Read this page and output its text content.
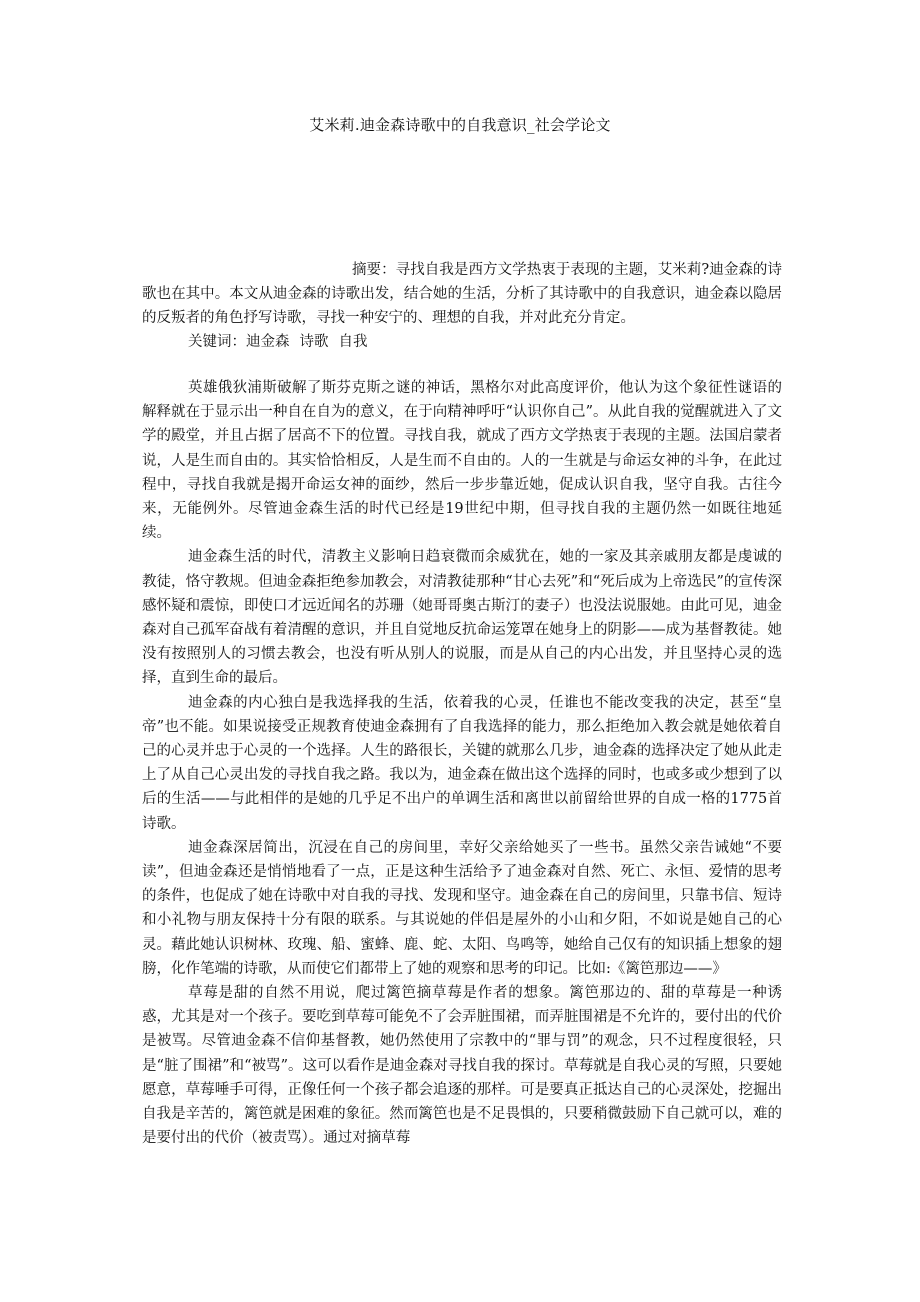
艾米莉.迪金森诗歌中的自我意识_社会学论文
摘要：寻找自我是西方文学热衷于表现的主题，艾米莉?迪金森的诗歌也在其中。本文从迪金森的诗歌出发，结合她的生活，分析了其诗歌中的自我意识，迪金森以隐居的反叛者的角色抒写诗歌，寻找一种安宁的、理想的自我，并对此充分肯定。
关键词：迪金森 诗歌 自我

英雄俄狄浦斯破解了斯芬克斯之谜的神话，黑格尔对此高度评价，他认为这个象征性谜语的解释就在于显示出一种自在自为的意义，在于向精神呼吁“认识你自己”。从此自我的觉醒就进入了文学的殿堂，并且占据了居高不下的位置。寻找自我，就成了西方文学热衷于表现的主题。法国启蒙者说，人是生而自由的。其实恰恰相反，人是生而不自由的。人的一生就是与命运女神的斗争，在此过程中，寻找自我就是揭开命运女神的面纱，然后一步步靠近她，促成认识自我，坚守自我。古往今来，无能例外。尽管迪金森生活的时代已经是19世纪中期，但寻找自我的主题仍然一如既往地延续。

迪金森生活的时代，清教主义影响日趋衰微而余威犹在，她的一家及其亲戚朋友都是虔诚的教徒，恪守教规。但迪金森拒绝参加教会，对清教徒那种“甘心去死”和“死后成为上帝选民”的宣传深感怀疑和震惊，即使口才远近闻名的苏珊（她哥哥奥古斯汀的妻子）也没法说服她。由此可见，迪金森对自己孤军奋战有着清醒的意识，并且自觉地反抗命运笼罩在她身上的阴影——成为基督教徒。她没有按照别人的习惯去教会，也没有听从别人的说服，而是从自己的内心出发，并且坚持心灵的选择，直到生命的最后。

迪金森的内心独白是我选择我的生活，依着我的心灵，任谁也不能改变我的决定，甚至“皇帝”也不能。如果说接受正规教育使迪金森拥有了自我选择的能力，那么拒绝加入教会就是她依着自己的心灵并忠于心灵的一个选择。人生的路很长，关键的就那么几步，迪金森的选择决定了她从此走上了从自己心灵出发的寻找自我之路。我以为，迪金森在做出这个选择的同时，也或多或少想到了以后的生活——与此相伴的是她的几乎足不出户的单调生活和离世以前留给世界的自成一格的1775首诗歌。

迪金森深居简出，沉浸在自己的房间里，幸好父亲给她买了一些书。虽然父亲告诫她“不要读”，但迪金森还是悄悄地看了一点，正是这种生活给予了迪金森对自然、死亡、永恒、爱情的思考的条件，也促成了她在诗歌中对自我的寻找、发现和坚守。迪金森在自己的房间里，只靠书信、短诗和小礼物与朋友保持十分有限的联系。与其说她的伴侣是屋外的小山和夕阳，不如说是她自己的心灵。藉此她认识树林、玫瑰、船、蜜蜂、鹿、蛇、太阳、鸟鸣等，她给自己仅有的知识插上想象的翅膀，化作笔端的诗歌，从而使它们都带上了她的观察和思考的印记。比如:《篱笆那边——》

草莓是甜的自然不用说，爬过篱笆摘草莓是作者的想象。篱笆那边的、甜的草莓是一种诱惑，尤其是对一个孩子。要吃到草莓可能免不了会弄脏围裙，而弄脏围裙是不允许的，要付出的代价是被骂。尽管迪金森不信仰基督教，她仍然使用了宗教中的“罪与罚”的观念，只不过程度很轻，只是“脏了围裙”和“被骂”。这可以看作是迪金森对寻找自我的探讨。草莓就是自我心灵的写照，只要她愿意，草莓唾手可得，正像任何一个孩子都会追逐的那样。可是要真正抵达自己的心灵深处，挖掘出自我是辛苦的，篱笆就是困难的象征。然而篱笆也是不足畏惧的，只要稍微鼓励下自己就可以，难的是要付出的代价（被责骂）。通过对摘草莓
